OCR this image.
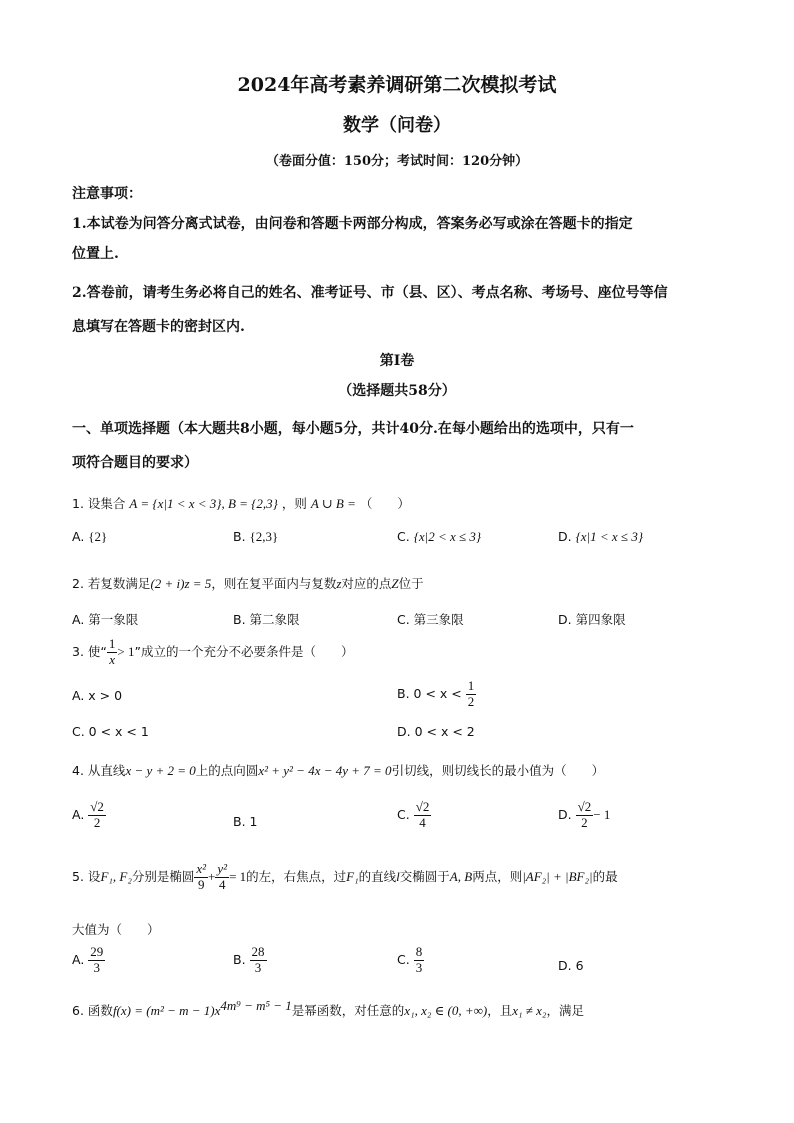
2024年高考素养调研第二次模拟考试
数学（问卷）
（卷面分值：150分；考试时间：120分钟）
注意事项：
1.本试卷为问答分离式试卷，由问卷和答题卡两部分构成，答案务必写或涂在答题卡的指定
位置上.
2.答卷前，请考生务必将自己的姓名、准考证号、市（县、区）、考点名称、考场号、座位号等信
息填写在答题卡的密封区内.
第Ⅰ卷
（选择题共58分）
一、单项选择题（本大题共8小题，每小题5分，共计40分.在每小题给出的选项中，只有一
项符合题目的要求）
1. 设集合 A = {x|1 < x < 3}, B = {2,3} ，则 A ∪ B = （　　）
A. {2}	B. {2,3}	C. {x|2 < x ≤ 3}	D. {x|1 < x ≤ 3}
2. 若复数满足(2 + i)z = 5，则在复平面内与复数z对应的点Z位于
A. 第一象限	B. 第二象限	C. 第三象限	D. 第四象限
3. 使“ $\frac{1}{x} > 1$”成立的一个充分不必要条件是（　　）
A. x > 0	B. $0 < x < \frac{1}{2}$
C. 0 < x < 1	D. 0 < x < 2
4. 从直线x − y + 2 = 0上的点向圆x² + y² − 4x − 4y + 7 = 0引切线，则切线长的最小值为（　　）
A. $\frac{√2}{2}$	B. 1	C. $\frac{√2}{4}$	D. $\frac{√2}{2} - 1$
5. 设F₁, F₂分别是椭圆 $\frac{\text{x²}}{9} + \frac{\text{y²}}{4} = 1$的左，右焦点，过F₁的直线l交椭圆于A, B两点，则|AF₂| + |BF₂|的最
大值为（　　）
A. $\frac{29}{3}$	B. $\frac{28}{3}$	C. $\frac{8}{3}$	D. 6
6. 函数$f(x) = (m^2 - m - 1)x^{4m^9 - m^5 - 1}$是幂函数，对任意的x₁, x₂ ∈ (0, +∞)，且x₁ ≠ x₂，满足
